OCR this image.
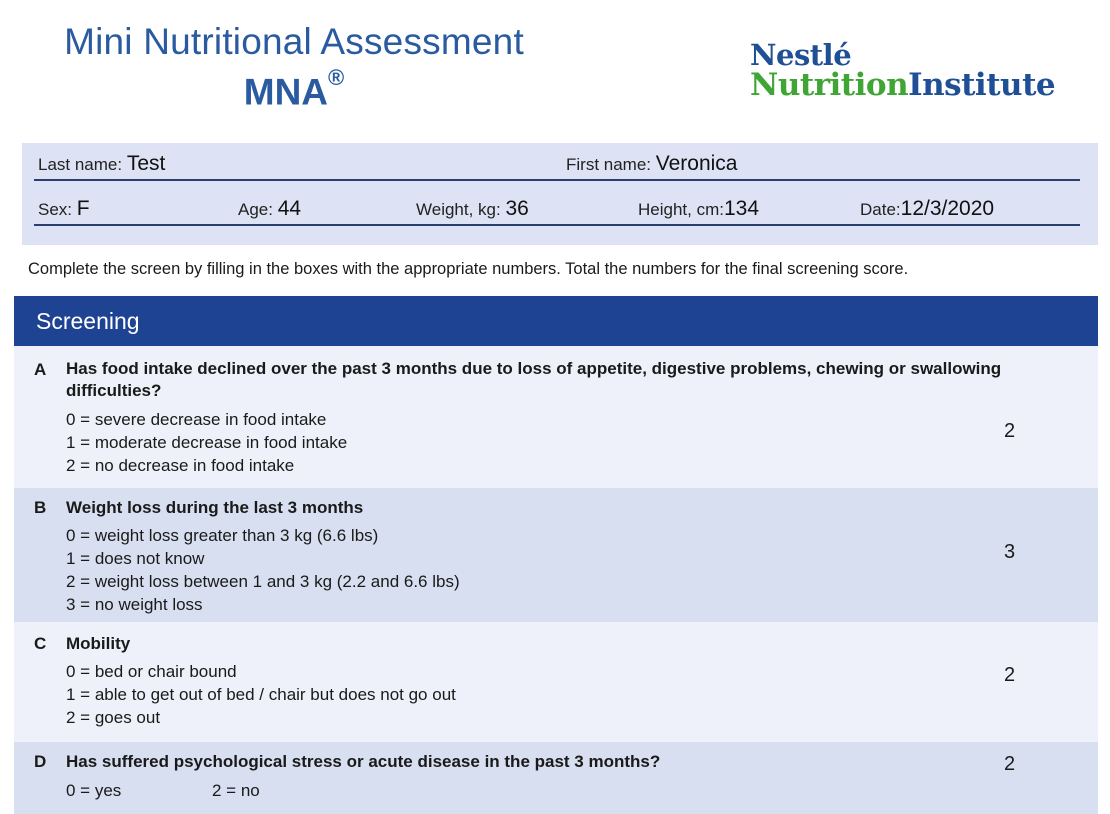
Mini Nutritional Assessment
MNA®
Nestlé
NutritionInstitute
Last name: Test	First name: Veronica
Sex: F	Age: 44	Weight, kg: 36	Height, cm:134	Date:12/3/2020
Complete the screen by filling in the boxes with the appropriate numbers. Total the numbers for the final screening score.
Screening
A Has food intake declined over the past 3 months due to loss of appetite, digestive problems, chewing or swallowing difficulties?
0 = severe decrease in food intake
1 = moderate decrease in food intake
2 = no decrease in food intake
2
B Weight loss during the last 3 months
0 = weight loss greater than 3 kg (6.6 lbs)
1 = does not know
2 = weight loss between 1 and 3 kg (2.2 and 6.6 lbs)
3 = no weight loss
3
C Mobility
0 = bed or chair bound
1 = able to get out of bed / chair but does not go out
2 = goes out
2
D Has suffered psychological stress or acute disease in the past 3 months?
0 = yes	2 = no
2
